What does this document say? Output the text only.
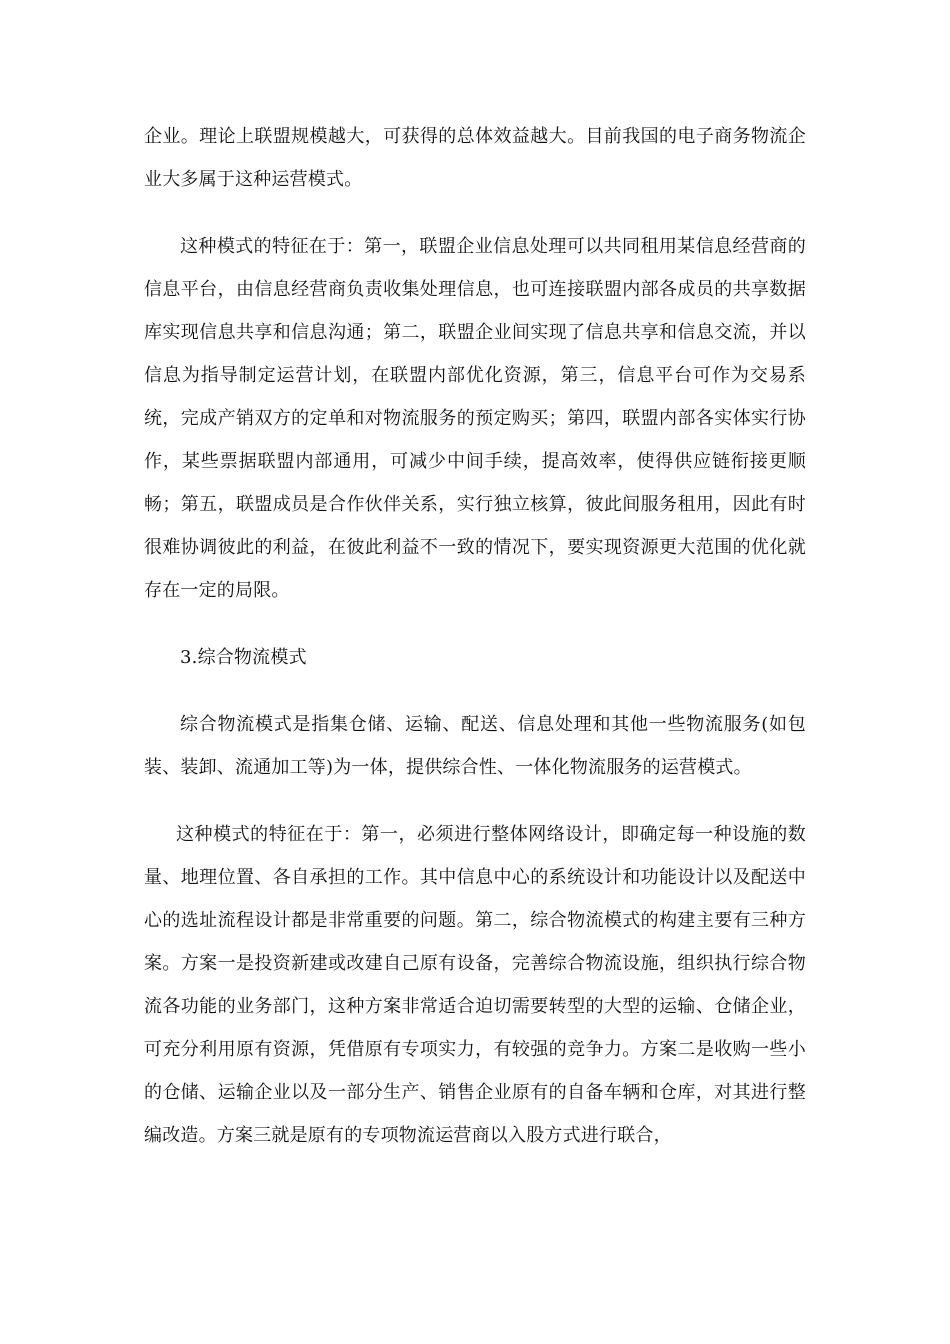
企业。理论上联盟规模越大，可获得的总体效益越大。目前我国的电子商务物流企业大多属于这种运营模式。

这种模式的特征在于：第一，联盟企业信息处理可以共同租用某信息经营商的信息平台，由信息经营商负责收集处理信息，也可连接联盟内部各成员的共享数据库实现信息共享和信息沟通；第二，联盟企业间实现了信息共享和信息交流，并以信息为指导制定运营计划，在联盟内部优化资源，第三，信息平台可作为交易系统，完成产销双方的定单和对物流服务的预定购买；第四，联盟内部各实体实行协作，某些票据联盟内部通用，可减少中间手续，提高效率，使得供应链衔接更顺畅；第五，联盟成员是合作伙伴关系，实行独立核算，彼此间服务租用，因此有时很难协调彼此的利益，在彼此利益不一致的情况下，要实现资源更大范围的优化就存在一定的局限。

3.综合物流模式

综合物流模式是指集仓储、运输、配送、信息处理和其他一些物流服务(如包装、装卸、流通加工等)为一体，提供综合性、一体化物流服务的运营模式。

这种模式的特征在于：第一，必须进行整体网络设计，即确定每一种设施的数量、地理位置、各自承担的工作。其中信息中心的系统设计和功能设计以及配送中心的选址流程设计都是非常重要的问题。第二，综合物流模式的构建主要有三种方案。方案一是投资新建或改建自己原有设备，完善综合物流设施，组织执行综合物流各功能的业务部门，这种方案非常适合迫切需要转型的大型的运输、仓储企业，可充分利用原有资源，凭借原有专项实力，有较强的竞争力。方案二是收购一些小的仓储、运输企业以及一部分生产、销售企业原有的自备车辆和仓库，对其进行整编改造。方案三就是原有的专项物流运营商以入股方式进行联合，
